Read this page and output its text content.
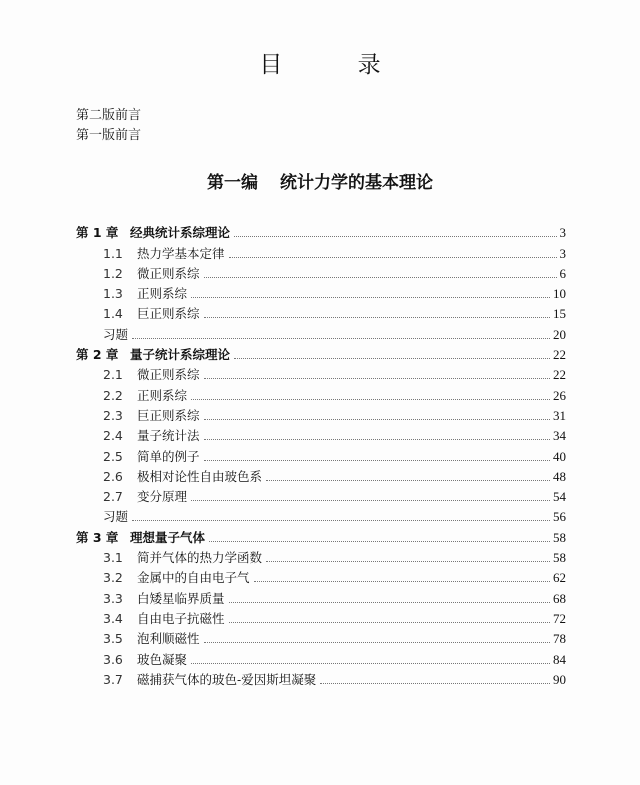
目 录
第二版前言
第一版前言
第一编 统计力学的基本理论
第 1 章 经典统计系综理论	3
1.1	热力学基本定律	3
1.2	微正则系综	6
1.3	正则系综	10
1.4	巨正则系综	15
习题	20
第 2 章 量子统计系综理论	22
2.1	微正则系综	22
2.2	正则系综	26
2.3	巨正则系综	31
2.4	量子统计法	34
2.5	简单的例子	40
2.6	极相对论性自由玻色系	48
2.7	变分原理	54
习题	56
第 3 章 理想量子气体	58
3.1	简并气体的热力学函数	58
3.2	金属中的自由电子气	62
3.3	白矮星临界质量	68
3.4	自由电子抗磁性	72
3.5	泡利顺磁性	78
3.6	玻色凝聚	84
3.7	磁捕获气体的玻色-爱因斯坦凝聚	90
